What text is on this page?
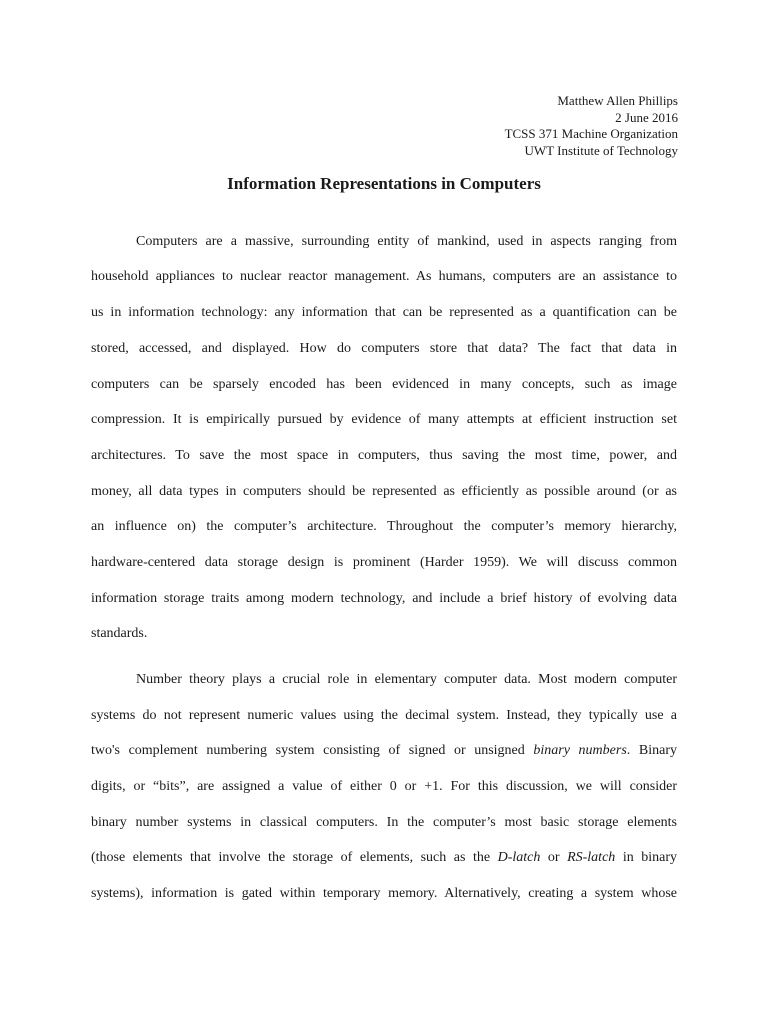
Matthew Allen Phillips
2 June 2016
TCSS 371 Machine Organization
UWT Institute of Technology
Information Representations in Computers
Computers are a massive, surrounding entity of mankind, used in aspects ranging from
household appliances to nuclear reactor management. As humans, computers are an assistance to
us in information technology: any information that can be represented as a quantification can be
stored, accessed, and displayed. How do computers store that data? The fact that data in
computers can be sparsely encoded has been evidenced in many concepts, such as image
compression. It is empirically pursued by evidence of many attempts at efficient instruction set
architectures. To save the most space in computers, thus saving the most time, power, and
money, all data types in computers should be represented as efficiently as possible around (or as
an influence on) the computer’s architecture. Throughout the computer’s memory hierarchy,
hardware-centered data storage design is prominent (Harder 1959). We will discuss common
information storage traits among modern technology, and include a brief history of evolving data
standards.
Number theory plays a crucial role in elementary computer data. Most modern computer
systems do not represent numeric values using the decimal system. Instead, they typically use a
two's complement numbering system consisting of signed or unsigned binary numbers. Binary
digits, or “bits”, are assigned a value of either 0 or +1. For this discussion, we will consider
binary number systems in classical computers. In the computer’s most basic storage elements
(those elements that involve the storage of elements, such as the D-latch or RS-latch in binary
systems), information is gated within temporary memory. Alternatively, creating a system whose
